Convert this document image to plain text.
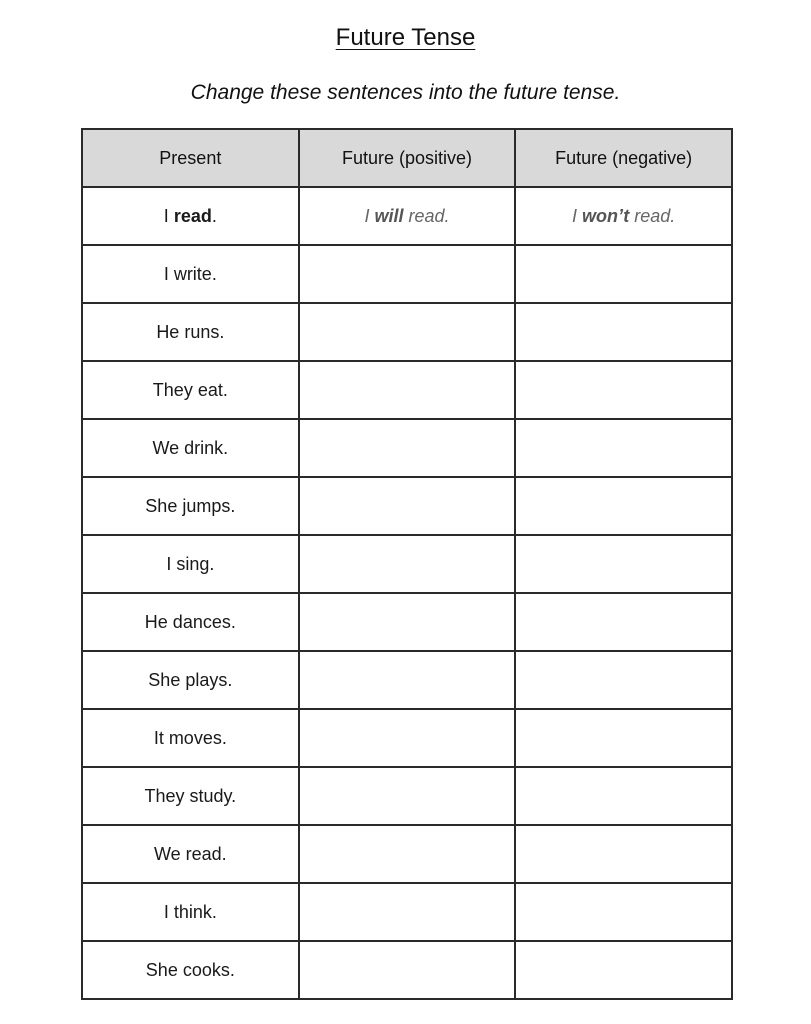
Future Tense
Change these sentences into the future tense.
Present	Future (positive)	Future (negative)
I read.	I will read.	I won’t read.
I write.		
He runs.		
They eat.		
We drink.		
She jumps.		
I sing.		
He dances.		
She plays.		
It moves.		
They study.		
We read.		
I think.		
She cooks.		
